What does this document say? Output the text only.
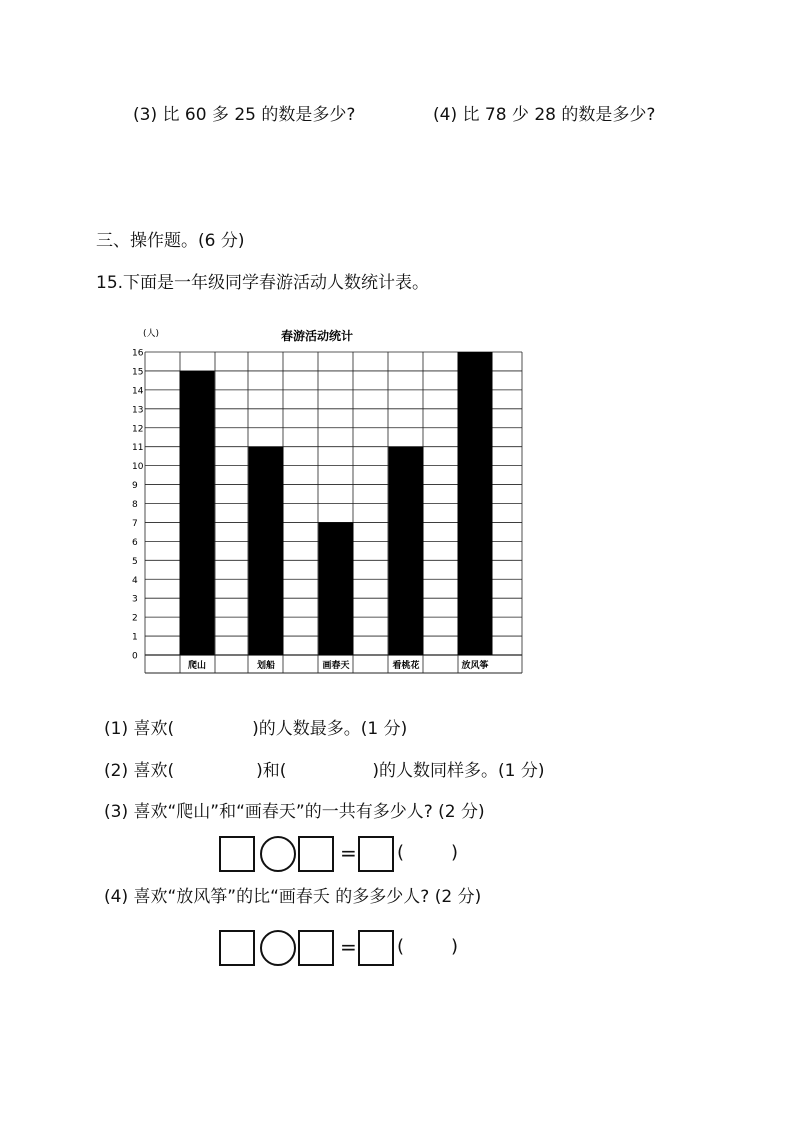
(3) 比 60 多 25 的数是多少?	(4) 比 78 少 28 的数是多少?
三、操作题。(6 分)
15.下面是一年级同学春游活动人数统计表。
0
1
2
3
4
5
6
7
8
9
10
11
12
13
14
15
16
爬山	划船	画春天	看桃花	放风筝
春游活动统计
(人)
(1) 喜欢(	)的人数最多。(1 分)
(2) 喜欢(	)和(	)的人数同样多。(1 分)
(3) 喜欢“爬山”和“画春天”的一共有多少人? (2 分)
= (	)
(4) 喜欢“放风筝”的比“画春夭 的多多少人? (2 分)
= (	)
